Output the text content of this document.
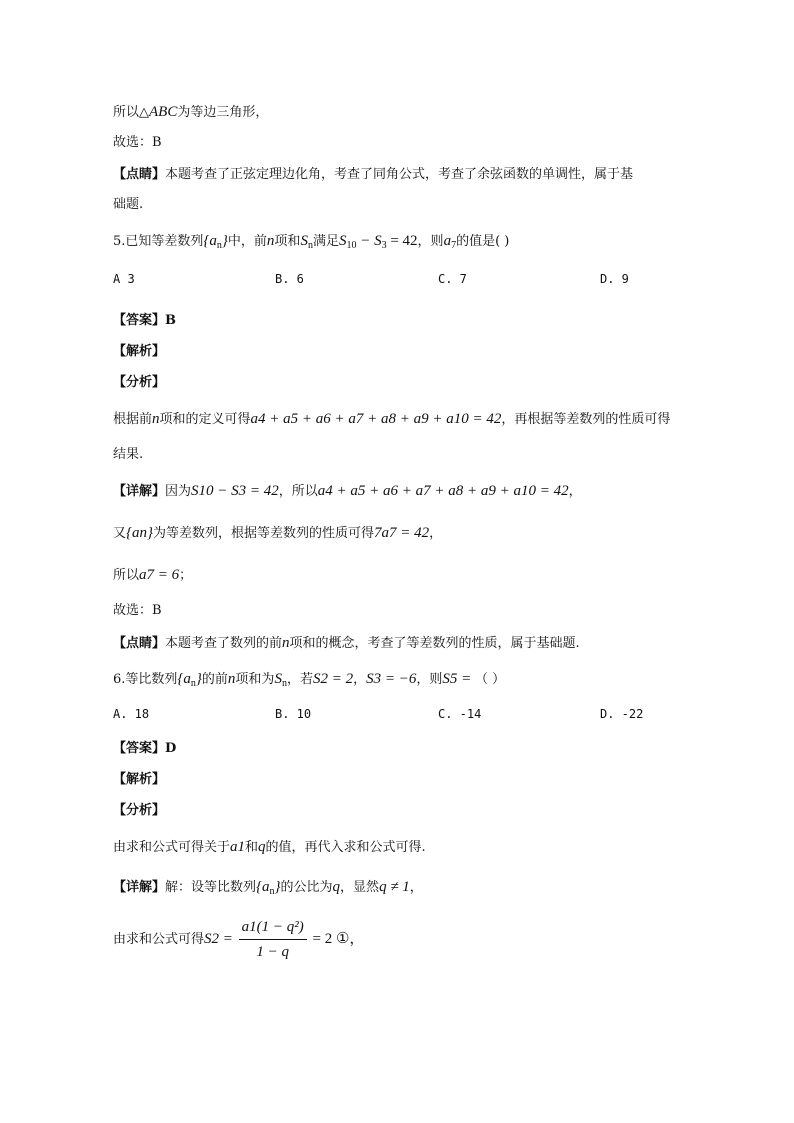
所以△ABC为等边三角形，
故选：B
【点睛】本题考查了正弦定理边化角，考查了同角公式，考查了余弦函数的单调性，属于基
础题.
5.已知等差数列$\{a_n\}$中，前n项和$S_n$满足$S_{10} - S_3 = 42$，则$a_7$的值是( )
A 3	B. 6	C. 7	D. 9
【答案】B
【解析】
【分析】
根据前n项和的定义可得a4 + a5 + a6 + a7 + a8 + a9 + a10 = 42，再根据等差数列的性质可得
结果.
【详解】因为S10 − S3 = 42，所以a4 + a5 + a6 + a7 + a8 + a9 + a10 = 42，
又{an}为等差数列，根据等差数列的性质可得7a7 = 42，
所以a7 = 6；
故选：B
【点睛】本题考查了数列的前n项和的概念，考查了等差数列的性质，属于基础题.
6.等比数列$\{a_n\}$的前n项和为$S_n$，若S2 = 2，S3 = −6，则S5 = （ ）
A. 18	B. 10	C. -14	D. -22
【答案】D
【解析】
【分析】
由求和公式可得关于a1和q的值，再代入求和公式可得.
【详解】解：设等比数列$\{a_n\}$的公比为q，显然q ≠ 1，
由求和公式可得$S2 = \frac{\text{a1(1 − q²)}}{1 - q} = 2$ ①，
